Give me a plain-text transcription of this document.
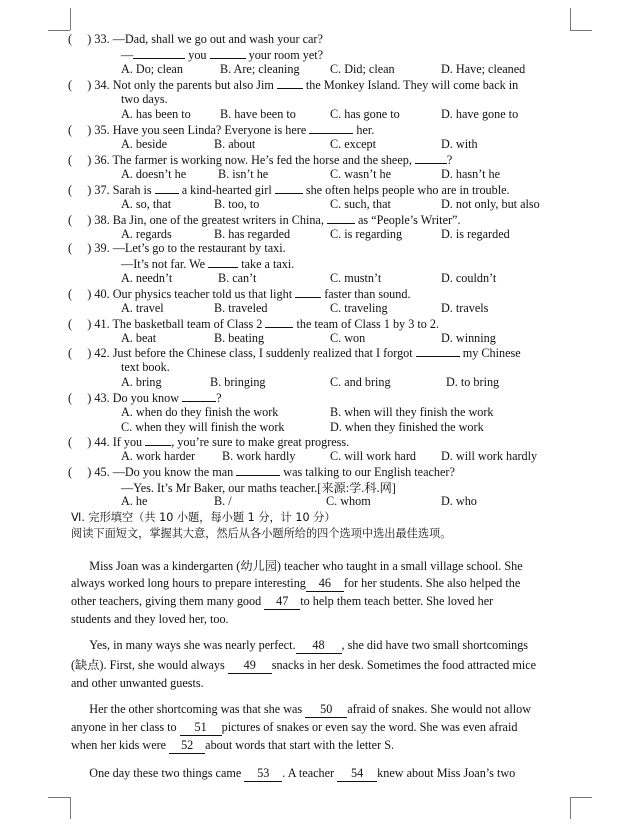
(     ) 33. —Dad, shall we go out and wash your car?
—	you	your room yet?
A. Do; clean	B. Are; cleaning C. Did; clean	D. Have; cleaned
(     ) 34. Not only the parents but also Jim	the Monkey Island. They will come back in
two days.
A. has been to B. have been to	C. has gone to	D. have gone to
(     ) 35. Have you seen Linda? Everyone is here	her.
A. beside	B. about	C. except	D. with
(     ) 36. The farmer is working now. He’s fed the horse and the sheep,	?
A. doesn’t he	B. isn’t he	C. wasn’t he	D. hasn’t he
(     ) 37. Sarah is a kind-hearted girl	she often helps people who are in trouble.
A. so, that	B. too, to	C. such, that	D. not only, but also
(     ) 38. Ba Jin, one of the greatest writers in China,	as “People’s Writer”.
A. regards	B. has regarded	C. is regarding	D. is regarded
(     ) 39. —Let’s go to the restaurant by taxi.
—It’s not far. We	take a taxi.
A. needn’t	B. can’t	C. mustn’t	D. couldn’t
(     ) 40. Our physics teacher told us that light	faster than sound.
A. travel	B. traveled	C. traveling	D. travels
(     ) 41. The basketball team of Class 2	the team of Class 1 by 3 to 2.
A. beat	B. beating	C. won	D. winning
(     ) 42. Just before the Chinese class, I suddenly realized that I forgot	my Chinese
text book.
A. bring	B. bringing	C. and bring	D. to bring
(     ) 43. Do you know	?
A. when do they finish the work	B. when will they finish the work
C. when they will finish the work	D. when they finished the work
(     ) 44. If you , you’re sure to make great progress.
A. work harder B. work hardly	C. will work hard D. will work hardly
(     ) 45. —Do you know the man	was talking to our English teacher?
—Yes. It’s Mr Baker, our maths teacher.[来源:学.科.网]
A. he	B. /	C. whom	D. who
Ⅵ. 完形填空（共 10 小题，每小题 1 分，计 10 分）
阅读下面短文，掌握其大意，然后从各小题所给的四个选项中选出最佳选项。
Miss Joan was a kindergarten (幼儿园) teacher who taught in a small village school. She
always worked long hours to prepare interesting 46 for her students. She also helped the
other teachers, giving them many good 47 to help them teach better. She loved her
students and they loved her, too.
Yes, in many ways she was nearly perfect. 48 , she did have two small shortcomings
(缺点). First, she would always 49 snacks in her desk. Sometimes the food attracted mice
and other unwanted guests.
Her the other shortcoming was that she was 50 afraid of snakes. She would not allow
anyone in her class to 51 pictures of snakes or even say the word. She was even afraid
when her kids were 52 about words that start with the letter S.
One day these two things came 53 . A teacher 54 knew about Miss Joan’s two
